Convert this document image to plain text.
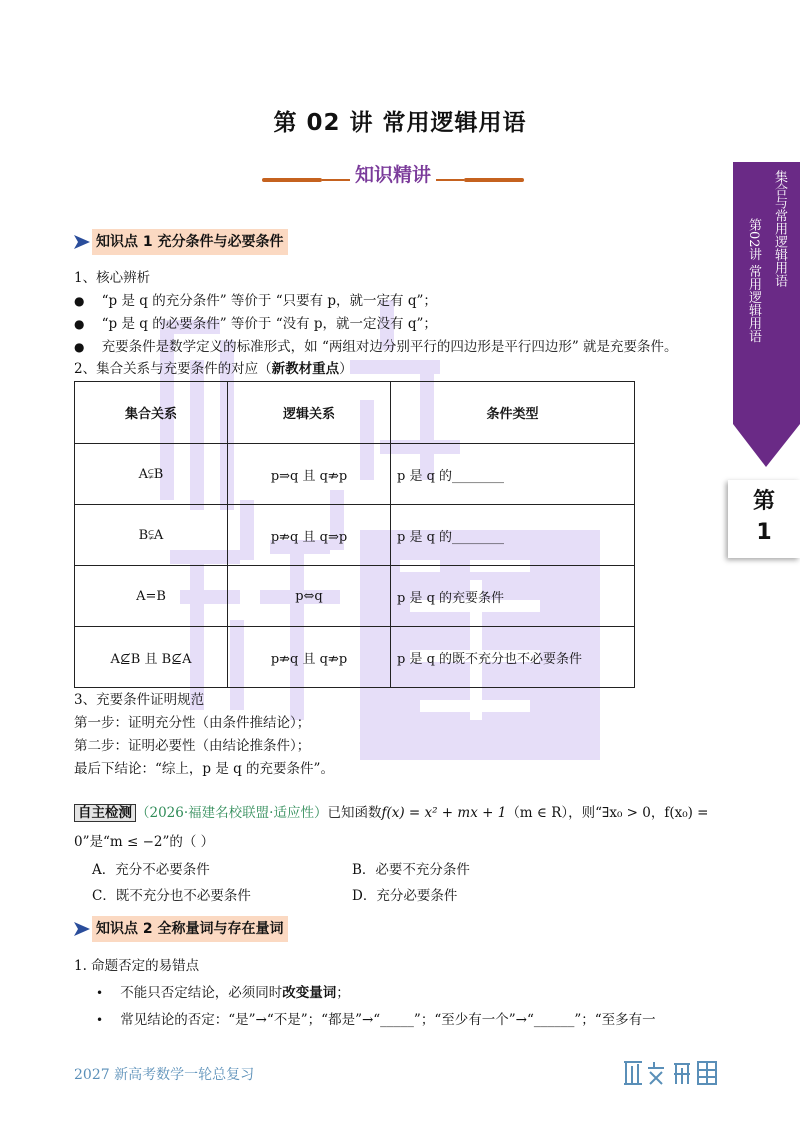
第 02 讲 常用逻辑用语
知识精讲	集合与常用逻辑用语
第02讲 常用逻辑用语
第
1
知识点 1 充分条件与必要条件
1、核心辨析
● “p 是 q 的充分条件” 等价于 “只要有 p，就一定有 q”；
● “p 是 q 的必要条件” 等价于 “没有 p，就一定没有 q”；
● 充要条件是数学定义的标准形式，如 “两组对边分别平行的四边形是平行四边形” 就是充要条件。
2、集合关系与充要条件的对应（新教材重点）
集合关系	逻辑关系	条件类型
A⫋B	p⇒q 且 q⇏p	p 是 q 的________
B⫋A	p⇏q 且 q⇒p	p 是 q 的________
A=B	p⇔q	p 是 q 的充要条件
A⊈B 且 B⊈A	p⇏q 且 q⇏p	p 是 q 的既不充分也不必要条件
3、充要条件证明规范
第一步：证明充分性（由条件推结论）；
第二步：证明必要性（由结论推条件）；
最后下结论：“综上，p 是 q 的充要条件”。
自主检测 （2026·福建名校联盟·适应性）已知函数f(x) = x² + mx + 1（m ∈ R），则“∃x₀ > 0，f(x₀) =
0”是“m ≤ −2”的（ ）
A．充分不必要条件	B．必要不充分条件
C．既不充分也不必要条件	D．充分必要条件
知识点 2 全称量词与存在量词
1. 命题否定的易错点
• 不能只否定结论，必须同时改变量词；
• 常见结论的否定：“是”→“不是”；“都是”→“_____”；“至少有一个”→“______”；“至多有一
2027 新高考数学一轮总复习
